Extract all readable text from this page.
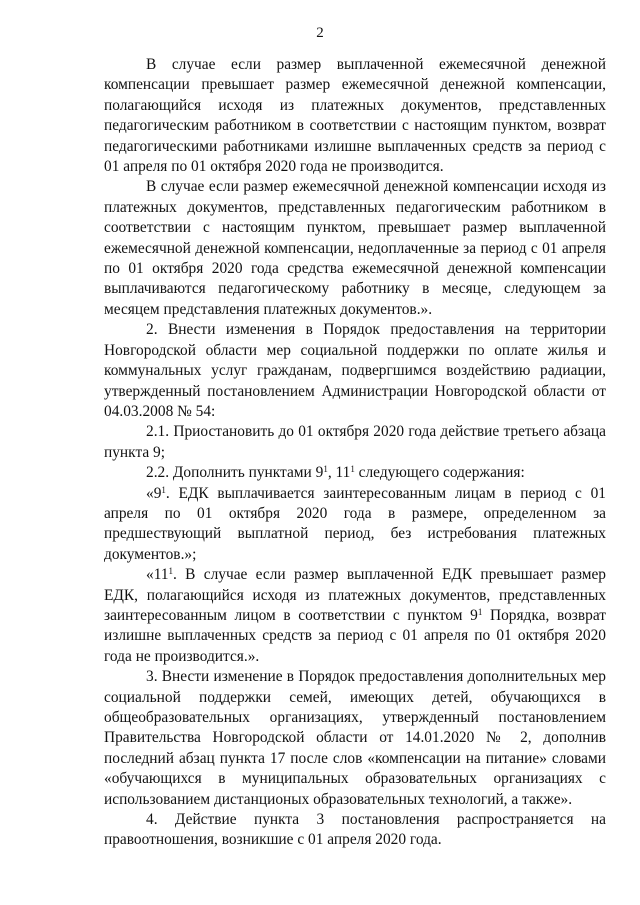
2

В случае если размер выплаченной ежемесячной денежной компенсации превышает размер ежемесячной денежной компенсации, полагающийся исходя из платежных документов, представленных педагогическим работником в соответствии с настоящим пунктом, возврат педагогическими работниками излишне выплаченных средств за период с 01 апреля по 01 октября 2020 года не производится.

В случае если размер ежемесячной денежной компенсации исходя из платежных документов, представленных педагогическим работником в соответствии с настоящим пунктом, превышает размер выплаченной ежемесячной денежной компенсации, недоплаченные за период с 01 апреля по 01 октября 2020 года средства ежемесячной денежной компенсации выплачиваются педагогическому работнику в месяце, следующем за месяцем представления платежных документов.».

2. Внести изменения в Порядок предоставления на территории Новгородской области мер социальной поддержки по оплате жилья и коммунальных услуг гражданам, подвергшимся воздействию радиации, утвержденный постановлением Администрации Новгородской области от 04.03.2008 № 54:

2.1. Приостановить до 01 октября 2020 года действие третьего абзаца пункта 9;

2.2. Дополнить пунктами $9^1$, $11^1$ следующего содержания:

«$9^1$. ЕДК выплачивается заинтересованным лицам в период с 01 апреля по 01 октября 2020 года в размере, определенном за предшествующий выплатной период, без истребования платежных документов.»;

«$11^1$. В случае если размер выплаченной ЕДК превышает размер ЕДК, полагающийся исходя из платежных документов, представленных заинтересованным лицом в соответствии с пунктом $9^1$ Порядка, возврат излишне выплаченных средств за период с 01 апреля по 01 октября 2020 года не производится.».

3. Внести изменение в Порядок предоставления дополнительных мер социальной поддержки семей, имеющих детей, обучающихся в общеобразовательных организациях, утвержденный постановлением Правительства Новгородской области от 14.01.2020 № 2, дополнив последний абзац пункта 17 после слов «компенсации на питание» словами «обучающихся в муниципальных образовательных организациях с использованием дистанционых образовательных технологий, а также».

4. Действие пункта 3 постановления распространяется на правоотношения, возникшие с 01 апреля 2020 года.
